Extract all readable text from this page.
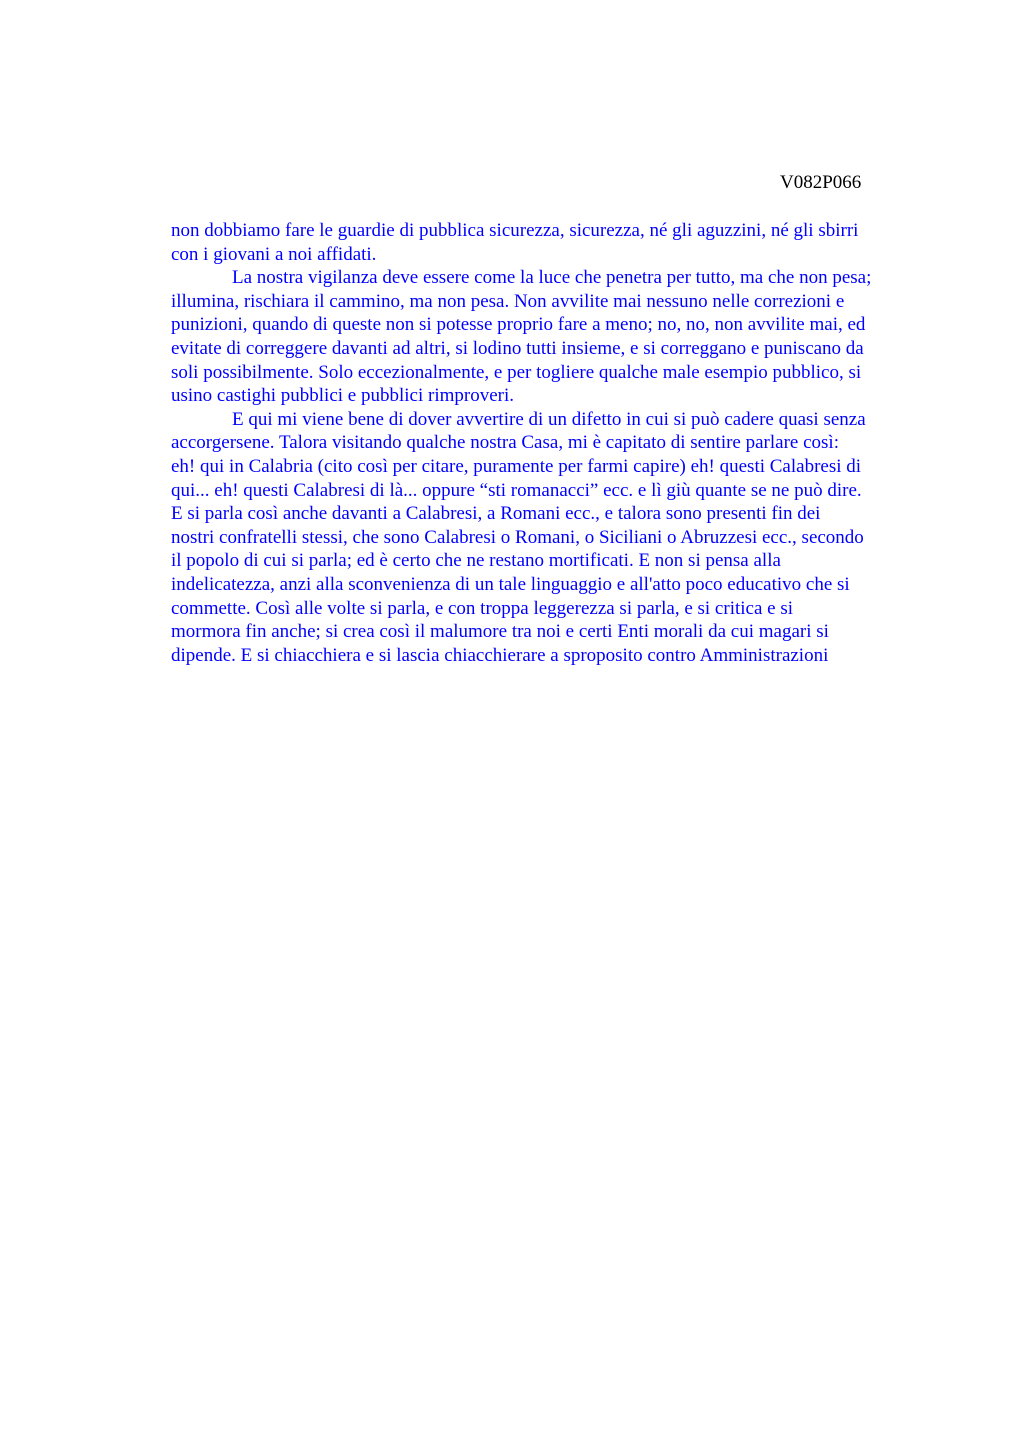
V082P066
non dobbiamo fare le guardie di pubblica sicurezza, sicurezza, né gli aguzzini, né gli sbirri
con i giovani a noi affidati.
La nostra vigilanza deve essere come la luce che penetra per tutto, ma che non pesa;
illumina, rischiara il cammino, ma non pesa. Non avvilite mai nessuno nelle correzioni e
punizioni, quando di queste non si potesse proprio fare a meno; no, no, non avvilite mai, ed
evitate di correggere davanti ad altri, si lodino tutti insieme, e si correggano e puniscano da
soli possibilmente. Solo eccezionalmente, e per togliere qualche male esempio pubblico, si
usino castighi pubblici e pubblici rimproveri.
E qui mi viene bene di dover avvertire di un difetto in cui si può cadere quasi senza
accorgersene. Talora visitando qualche nostra Casa, mi è capitato di sentire parlare così:
eh! qui in Calabria (cito così per citare, puramente per farmi capire) eh! questi Calabresi di
qui... eh! questi Calabresi di là... oppure “sti romanacci” ecc. e lì giù quante se ne può dire.
E si parla così anche davanti a Calabresi, a Romani ecc., e talora sono presenti fin dei
nostri confratelli stessi, che sono Calabresi o Romani, o Siciliani o Abruzzesi ecc., secondo
il popolo di cui si parla; ed è certo che ne restano mortificati. E non si pensa alla
indelicatezza, anzi alla sconvenienza di un tale linguaggio e all'atto poco educativo che si
commette. Così alle volte si parla, e con troppa leggerezza si parla, e si critica e si
mormora fin anche; si crea così il malumore tra noi e certi Enti morali da cui magari si
dipende. E si chiacchiera e si lascia chiacchierare a sproposito contro Amministrazioni
